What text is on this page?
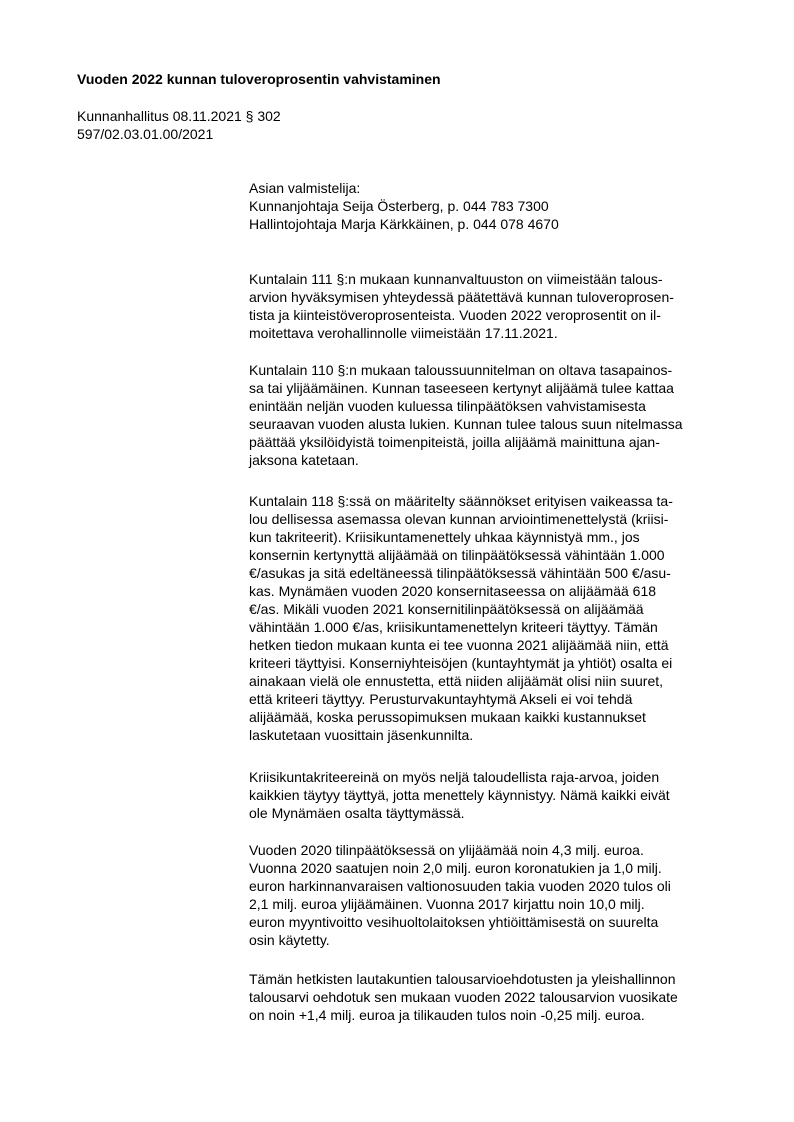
Vuoden 2022 kunnan tuloveroprosentin vahvistaminen
Kunnanhallitus 08.11.2021 § 302
597/02.03.01.00/2021
Asian valmistelija:
Kunnanjohtaja Seija Österberg, p. 044 783 7300
Hallintojohtaja Marja Kärkkäinen, p. 044 078 4670

Kuntalain 111 §:n mukaan kunnanvaltuuston on viimeistään talous-
arvion hyväksymisen yhteydessä päätettävä kunnan tuloveroprosen-
tista ja kiinteistöveroprosenteista. Vuoden 2022 veroprosentit on il-
moitettava verohallinnolle viimeistään 17.11.2021.

Kuntalain 110 §:n mukaan taloussuunnitelman on oltava tasapainos-
sa tai ylijäämäinen. Kunnan taseeseen kertynyt alijäämä tulee kattaa
enintään neljän vuoden kuluessa tilinpäätöksen vahvistamisesta
seuraavan vuoden alusta lukien. Kunnan tulee talous suun nitelmassa
päättää yksilöidyistä toimenpiteistä, joilla alijäämä mainittuna ajan-
jaksona katetaan.

Kuntalain 118 §:ssä on määritelty säännökset erityisen vaikeassa ta-
lou dellisessa asemassa olevan kunnan arviointimenettelystä (kriisi-
kun takriteerit). Kriisikuntamenettely uhkaa käynnistyä mm., jos
konsernin kertynyttä alijäämää on tilinpäätöksessä vähintään 1.000
€/asukas ja sitä edeltäneessä tilinpäätöksessä vähintään 500 €/asu-
kas. Mynämäen vuoden 2020 konsernitaseessa on alijäämää 618
€/as. Mikäli vuoden 2021 konsernitilinpäätöksessä on alijäämää
vähintään 1.000 €/as, kriisikuntamenettelyn kriteeri täyttyy. Tämän
hetken tiedon mukaan kunta ei tee vuonna 2021 alijäämää niin, että
kriteeri täyttyisi. Konserniyhteisöjen (kuntayhtymät ja yhtiöt) osalta ei
ainakaan vielä ole ennustetta, että niiden alijäämät olisi niin suuret,
että kriteeri täyttyy. Perusturvakuntayhtymä Akseli ei voi tehdä
alijäämää, koska perussopimuksen mukaan kaikki kustannukset
laskutetaan vuosittain jäsenkunnilta.

Kriisikuntakriteereinä on myös neljä taloudellista raja-arvoa, joiden
kaikkien täytyy täyttyä, jotta menettely käynnistyy. Nämä kaikki eivät
ole Mynämäen osalta täyttymässä.

Vuoden 2020 tilinpäätöksessä on ylijäämää noin 4,3 milj. euroa.
Vuonna 2020 saatujen noin 2,0 milj. euron koronatukien ja 1,0 milj.
euron harkinnanvaraisen valtionosuuden takia vuoden 2020 tulos oli
2,1 milj. euroa ylijäämäinen. Vuonna 2017 kirjattu noin 10,0 milj.
euron myyntivoitto vesihuoltolaitoksen yhtiöittämisestä on suurelta
osin käytetty.

Tämän hetkisten lautakuntien talousarvioehdotusten ja yleishallinnon
talousarvi oehdotuk sen mukaan vuoden 2022 talousarvion vuosikate
on noin +1,4 milj. euroa ja tilikauden tulos noin -0,25 milj. euroa.
